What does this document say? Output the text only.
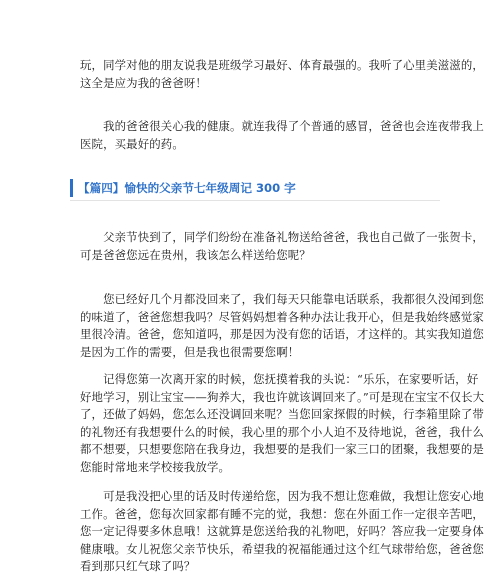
玩，同学对他的朋友说我是班级学习最好、体育最强的。我听了心里美滋滋的，
这全是应为我的爸爸呀！

　　我的爸爸很关心我的健康。就连我得了个普通的感冒，爸爸也会连夜带我上
医院，买最好的药。

【篇四】愉快的父亲节七年级周记 300 字

　　父亲节快到了，同学们纷纷在准备礼物送给爸爸，我也自己做了一张贺卡，
可是爸爸您远在贵州，我该怎么样送给您呢？

　　您已经好几个月都没回来了，我们每天只能靠电话联系，我都很久没闻到您
的味道了，爸爸您想我吗？尽管妈妈想着各种办法让我开心，但是我始终感觉家
里很冷清。爸爸，您知道吗，那是因为没有您的话语，才这样的。其实我知道您
是因为工作的需要，但是我也很需要您啊！

　　记得您第一次离开家的时候，您抚摸着我的头说：“乐乐，在家要听话，好
好地学习，别让宝宝——狗养大，我也许就该调回来了。”可是现在宝宝不仅长大
了，还做了妈妈，您怎么还没调回来呢？当您回家探假的时候，行李箱里除了带
的礼物还有我想要什么的时候，我心里的那个小人迫不及待地说，爸爸，我什么
都不想要，只想要您陪在我身边，我想要的是我们一家三口的团聚，我想要的是
您能时常地来学校接我放学。

　　可是我没把心里的话及时传递给您，因为我不想让您难做，我想让您安心地
工作。爸爸，您每次回家都有睡不完的觉，我想：您在外面工作一定很辛苦吧，
您一定记得要多休息哦！这就算是您送给我的礼物吧，好吗？答应我一定要身体
健康哦。女儿祝您父亲节快乐，希望我的祝福能通过这个红气球带给您，爸爸您
看到那只红气球了吗？
